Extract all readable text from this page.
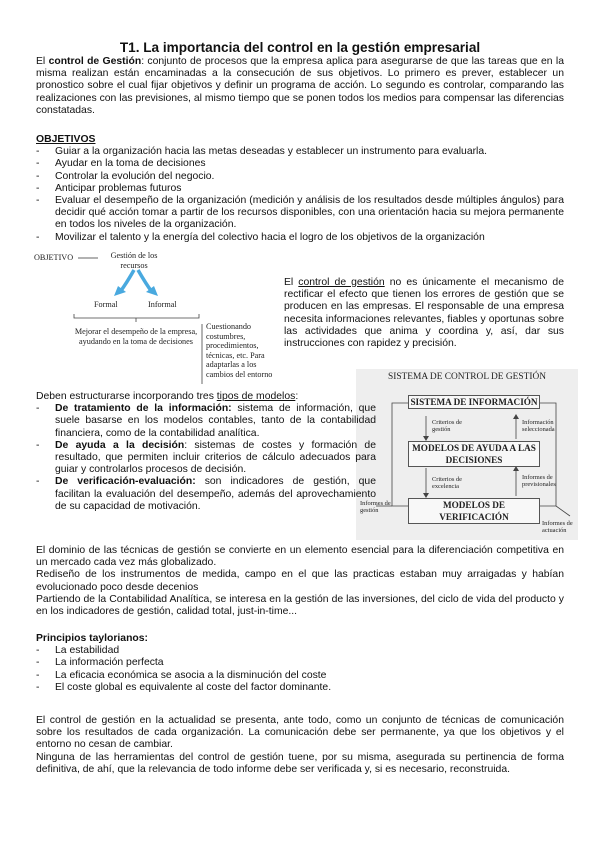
T1. La importancia del control en la gestión empresarial

El control de Gestión: conjunto de procesos que la empresa aplica para asegurarse de que las tareas que en la misma realizan están encaminadas a la consecución de sus objetivos. Lo primero es prever, establecer un pronostico sobre el cual fijar objetivos y definir un programa de acción. Lo segundo es controlar, comparando las realizaciones con las previsiones, al mismo tiempo que se ponen todos los medios para compensar las diferencias constatadas.

OBJETIVOS

- Guiar a la organización hacia las metas deseadas y establecer un instrumento para evaluarla.
- Ayudar en la toma de decisiones
- Controlar la evolución del negocio.
- Anticipar problemas futuros
- Evaluar el desempeño de la organización (medición y análisis de los resultados desde múltiples ángulos) para decidir qué acción tomar a partir de los recursos disponibles, con una orientación hacia su mejora permanente en todos los niveles de la organización.
- Movilizar el talento y la energía del colectivo hacia el logro de los objetivos de la organización
OBJETIVO	Gestión de los recursos
Formal	Informal
Mejorar el desempeño de la empresa, ayudando en la toma de decisiones
Cuestionando costumbres, procedimientos, técnicas, etc. Para adaptarlas a los cambios del entorno

El control de gestión no es únicamente el mecanismo de rectificar el efecto que tienen los errores de gestión que se producen en las empresas. El responsable de una empresa necesita informaciones relevantes, fiables y oportunas sobre las actividades que anima y coordina y, así, dar sus instrucciones con rapidez y precisión.

SISTEMA DE CONTROL DE GESTIÓN
SISTEMA DE INFORMACIÓN
MODELOS DE AYUDA A LAS DECISIONES
MODELOS DE VERIFICACIÓN
Criterios de gestión
Información seleccionada
Criterios de excelencia
Informes de previsionales
Informes de gestión
Informes de actuación

Deben estructurarse incorporando tres tipos de modelos:

- De tratamiento de la información: sistema de información, que suele basarse en los modelos contables, tanto de la contabilidad financiera, como de la contabilidad analítica.
- De ayuda a la decisión: sistemas de costes y formación de resultado, que permiten incluir criterios de cálculo adecuados para guiar y controlarlos procesos de decisión.
- De verificación-evaluación: son indicadores de gestión, que facilitan la evaluación del desempeño, además del aprovechamiento de su capacidad de motivación.

El dominio de las técnicas de gestión se convierte en un elemento esencial para la diferenciación competitiva en un mercado cada vez más globalizado.

Rediseño de los instrumentos de medida, campo en el que las practicas estaban muy arraigadas y habían evolucionado poco desde decenios

Partiendo de la Contabilidad Analítica, se interesa en la gestión de las inversiones, del ciclo de vida del producto y en los indicadores de gestión, calidad total, just-in-time...

Principios taylorianos:

- La estabilidad
- La información perfecta
- La eficacia económica se asocia a la disminución del coste
- El coste global es equivalente al coste del factor dominante.

El control de gestión en la actualidad se presenta, ante todo, como un conjunto de técnicas de comunicación sobre los resultados de cada organización. La comunicación debe ser permanente, ya que los objetivos y el entorno no cesan de cambiar.

Ninguna de las herramientas del control de gestión tuene, por su misma, asegurada su pertinencia de forma definitiva, de ahí, que la relevancia de todo informe debe ser verificada y, si es necesario, reconstruida.
